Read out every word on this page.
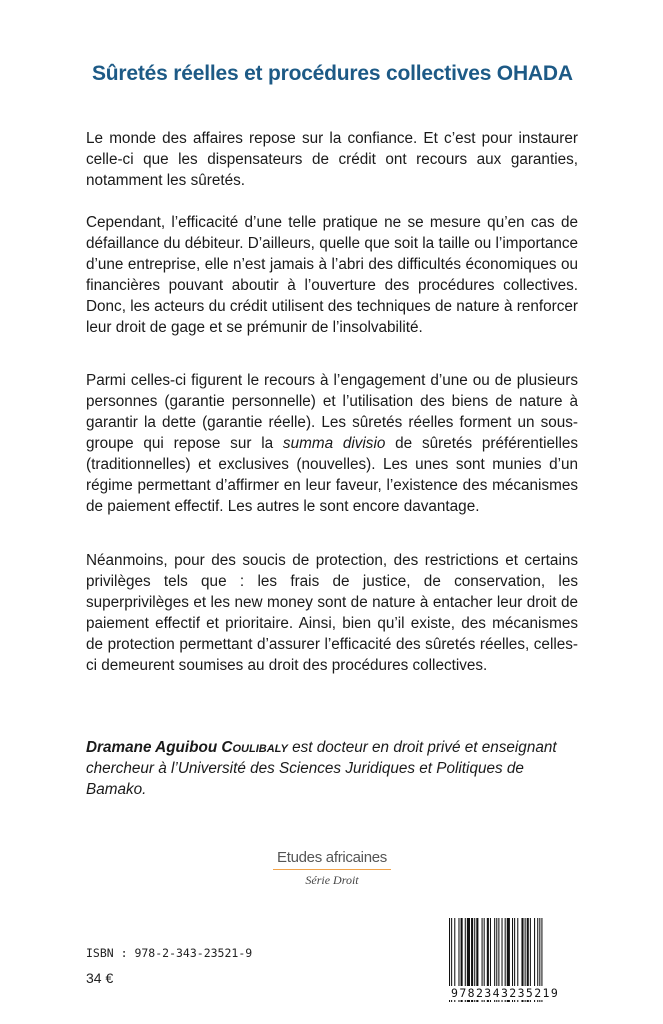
Sûretés réelles et procédures collectives OHADA

Le monde des affaires repose sur la confiance. Et c’est pour instaurer celle-ci que les dispensateurs de crédit ont recours aux garanties, notamment les sûretés.

Cependant, l’efficacité d’une telle pratique ne se mesure qu’en cas de défaillance du débiteur. D’ailleurs, quelle que soit la taille ou l’importance d’une entreprise, elle n’est jamais à l’abri des difficultés économiques ou financières pouvant aboutir à l’ouverture des procédures collectives. Donc, les acteurs du crédit utilisent des techniques de nature à renforcer leur droit de gage et se prémunir de l’insolvabilité.

Parmi celles-ci figurent le recours à l’engagement d’une ou de plusieurs personnes (garantie personnelle) et l’utilisation des biens de nature à garantir la dette (garantie réelle). Les sûretés réelles forment un sous-groupe qui repose sur la summa divisio de sûretés préférentielles (traditionnelles) et exclusives (nouvelles). Les unes sont munies d’un régime permettant d’affirmer en leur faveur, l’existence des mécanismes de paiement effectif. Les autres le sont encore davantage.

Néanmoins, pour des soucis de protection, des restrictions et certains privilèges tels que : les frais de justice, de conservation, les superprivilèges et les new money sont de nature à entacher leur droit de paiement effectif et prioritaire. Ainsi, bien qu’il existe, des mécanismes de protection permettant d’assurer l’efficacité des sûretés réelles, celles-ci demeurent soumises au droit des procédures collectives.

Dramane Aguibou Coulibaly est docteur en droit privé et enseignant chercheur à l’Université des Sciences Juridiques et Politiques de Bamako.

Etudes africaines
Série Droit
ISBN : 978-2-343-23521-9
34 €
9782343235219
